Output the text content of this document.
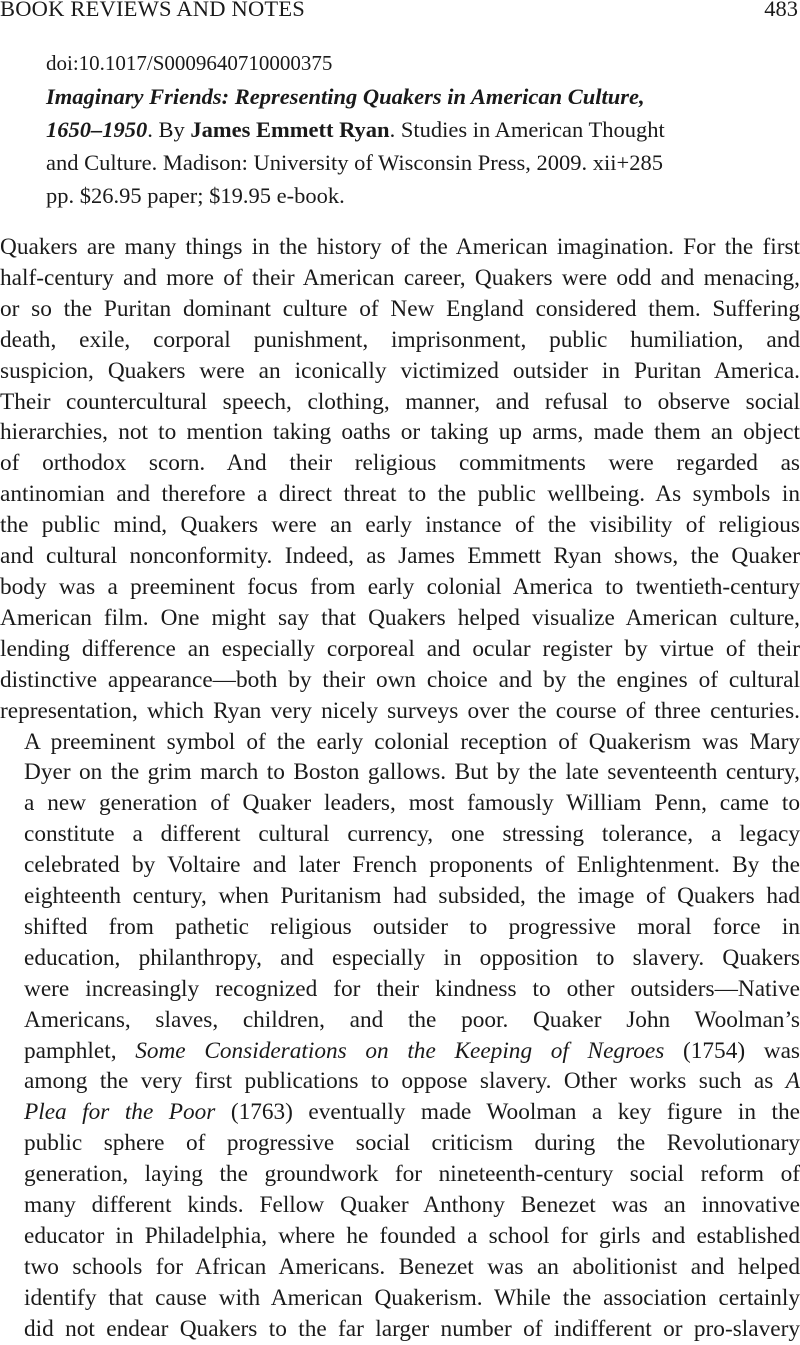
BOOK REVIEWS AND NOTES	483
doi:10.1017/S0009640710000375
Imaginary Friends: Representing Quakers in American Culture,
1650–1950. By James Emmett Ryan. Studies in American Thought
and Culture. Madison: University of Wisconsin Press, 2009. xii+285
pp. $26.95 paper; $19.95 e-book.

Quakers are many things in the history of the American imagination. For the first
half-century and more of their American career, Quakers were odd and menacing,
or so the Puritan dominant culture of New England considered them. Suffering
death, exile, corporal punishment, imprisonment, public humiliation, and
suspicion, Quakers were an iconically victimized outsider in Puritan America.
Their countercultural speech, clothing, manner, and refusal to observe social
hierarchies, not to mention taking oaths or taking up arms, made them an object
of orthodox scorn. And their religious commitments were regarded as
antinomian and therefore a direct threat to the public wellbeing. As symbols in
the public mind, Quakers were an early instance of the visibility of religious
and cultural nonconformity. Indeed, as James Emmett Ryan shows, the Quaker
body was a preeminent focus from early colonial America to twentieth-century
American film. One might say that Quakers helped visualize American culture,
lending difference an especially corporeal and ocular register by virtue of their
distinctive appearance—both by their own choice and by the engines of cultural
representation, which Ryan very nicely surveys over the course of three centuries.

A preeminent symbol of the early colonial reception of Quakerism was Mary
Dyer on the grim march to Boston gallows. But by the late seventeenth century,
a new generation of Quaker leaders, most famously William Penn, came to
constitute a different cultural currency, one stressing tolerance, a legacy
celebrated by Voltaire and later French proponents of Enlightenment. By the
eighteenth century, when Puritanism had subsided, the image of Quakers had
shifted from pathetic religious outsider to progressive moral force in
education, philanthropy, and especially in opposition to slavery. Quakers
were increasingly recognized for their kindness to other outsiders—Native
Americans, slaves, children, and the poor. Quaker John Woolman’s
pamphlet, Some Considerations on the Keeping of Negroes (1754) was
among the very first publications to oppose slavery. Other works such as A
Plea for the Poor (1763) eventually made Woolman a key figure in the
public sphere of progressive social criticism during the Revolutionary
generation, laying the groundwork for nineteenth-century social reform of
many different kinds. Fellow Quaker Anthony Benezet was an innovative
educator in Philadelphia, where he founded a school for girls and established
two schools for African Americans. Benezet was an abolitionist and helped
identify that cause with American Quakerism. While the association certainly
did not endear Quakers to the far larger number of indifferent or pro-slavery
